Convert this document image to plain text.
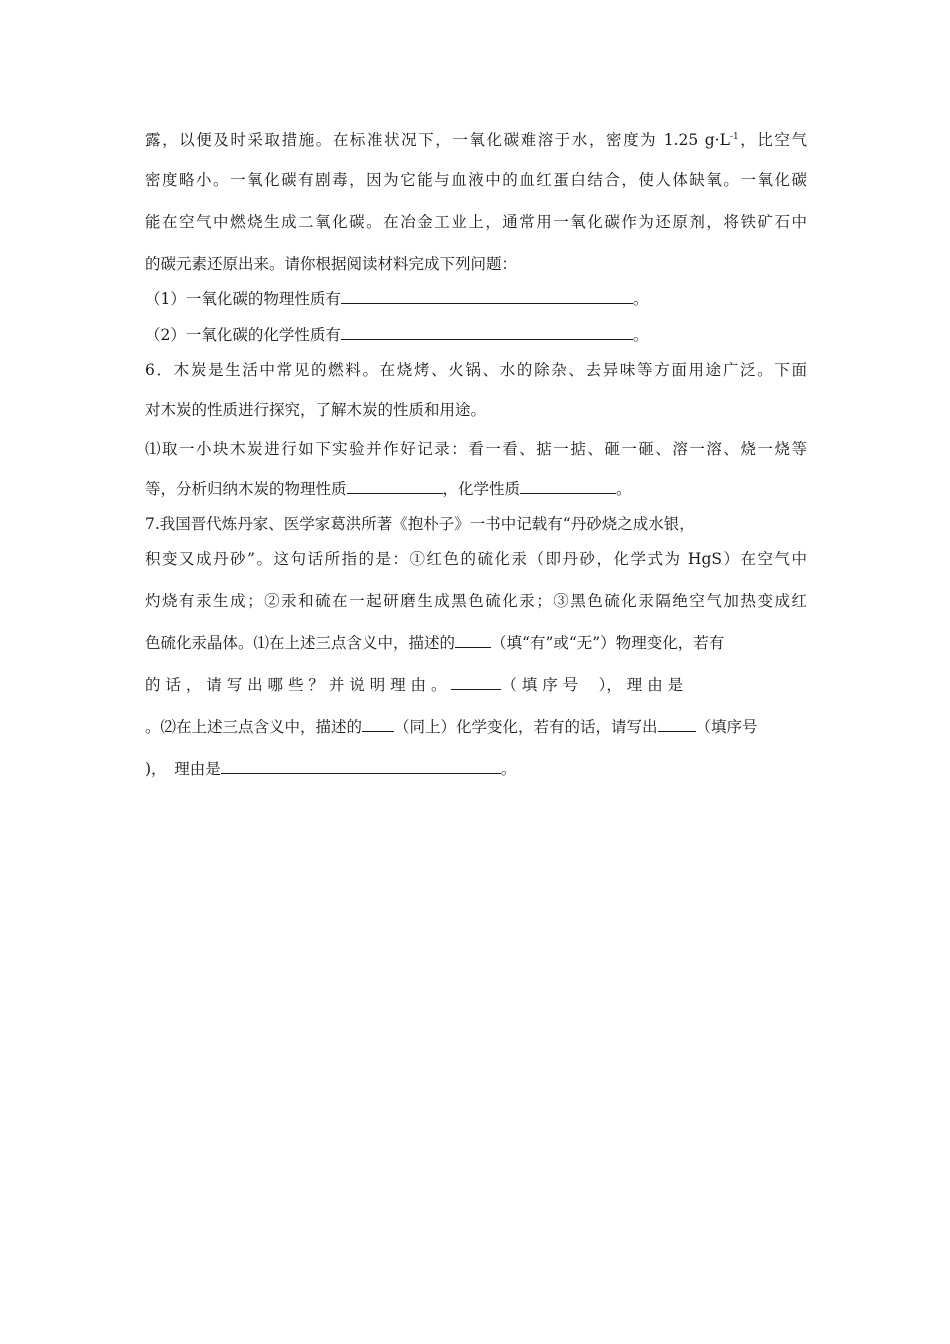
露，以便及时采取措施。在标准状况下，一氧化碳难溶于水，密度为 1.25 $g\cdot L^{-1}$，比空气
密度略小。一氧化碳有剧毒，因为它能与血液中的血红蛋白结合，使人体缺氧。一氧化碳
能在空气中燃烧生成二氧化碳。在冶金工业上，通常用一氧化碳作为还原剂，将铁矿石中
的碳元素还原出来。请你根据阅读材料完成下列问题：
（1）一氧化碳的物理性质有	。
（2）一氧化碳的化学性质有	。
6．木炭是生活中常见的燃料。在烧烤、火锅、水的除杂、去异味等方面用途广泛。下面
对木炭的性质进行探究，了解木炭的性质和用途。
⑴取一小块木炭进行如下实验并作好记录：看一看、掂一掂、砸一砸、溶一溶、烧一烧等
等，分析归纳木炭的物理性质	，化学性质	。
7.我国晋代炼丹家、医学家葛洪所著《抱朴子》一书中记载有“丹砂烧之成水银，
积变又成丹砂”。这句话所指的是：①红色的硫化汞（即丹砂，化学式为 HgS）在空气中
灼烧有汞生成；②汞和硫在一起研磨生成黑色硫化汞；③黑色硫化汞隔绝空气加热变成红
色硫化汞晶体。⑴在上述三点含义中，描述的 （填“有”或“无”）物理变化，若有
的 话 ， 请 写 出 哪 些 ？ 并 说 明 理 由 。	（ 填 序 号　 ）， 理 由 是
。⑵在上述三点含义中，描述的 （同上）化学变化，若有的话，请写出 （填序号
)，　理由是	。
